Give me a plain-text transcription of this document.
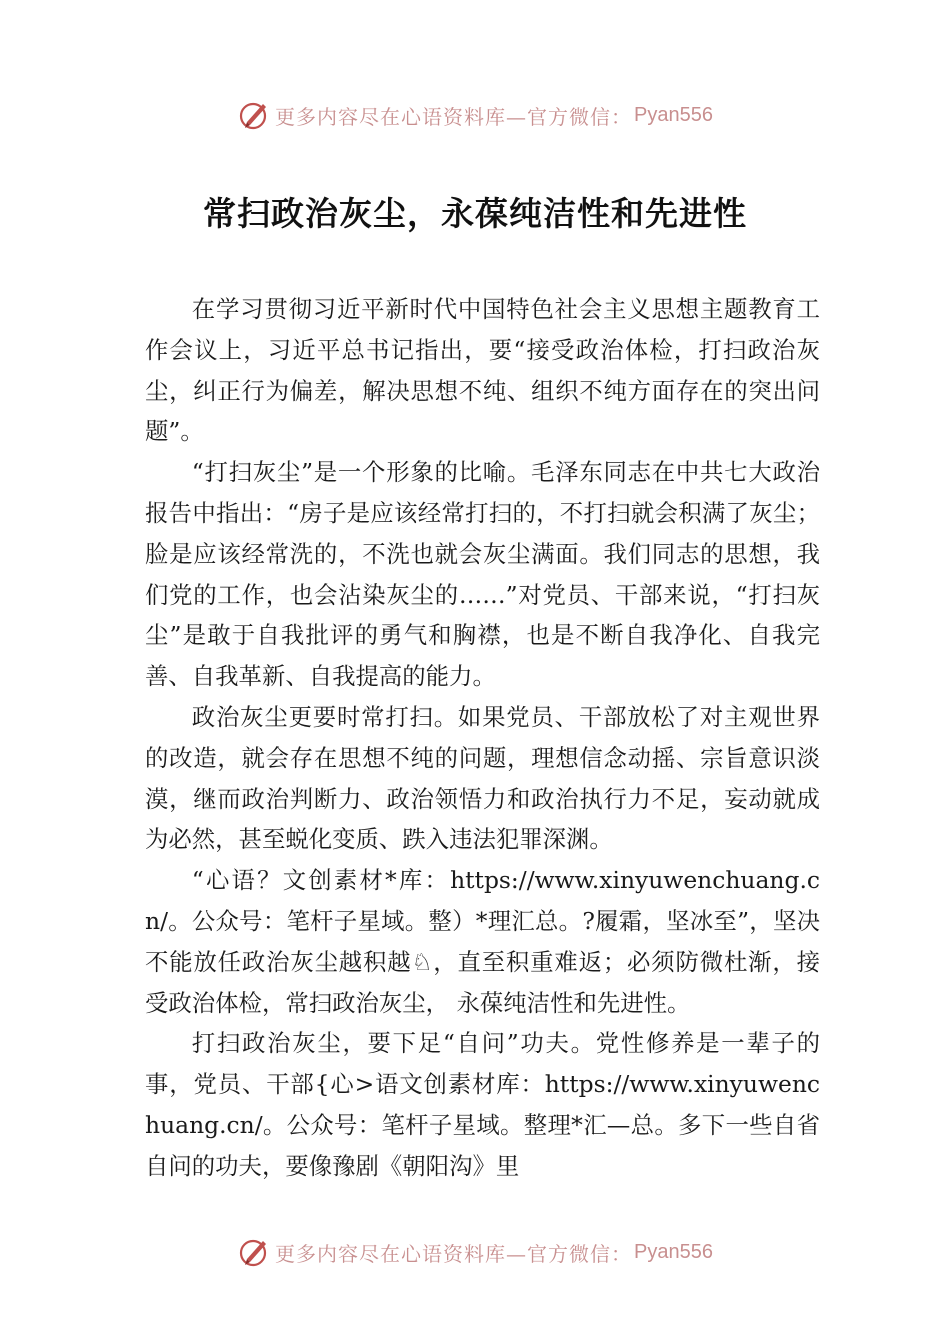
更多内容尽在心语资料库—官方微信： Pyan556
常扫政治灰尘，永葆纯洁性和先进性

在学习贯彻习近平新时代中国特色社会主义思想主题教育工作会议上，习近平总书记指出，要“接受政治体检，打扫政治灰尘，纠正行为偏差，解决思想不纯、组织不纯方面存在的突出问题”。

“打扫灰尘”是一个形象的比喻。毛泽东同志在中共七大政治报告中指出：“房子是应该经常打扫的，不打扫就会积满了灰尘；脸是应该经常洗的，不洗也就会灰尘满面。我们同志的思想，我们党的工作，也会沾染灰尘的……”对党员、干部来说，“打扫灰尘”是敢于自我批评的勇气和胸襟，也是不断自我净化、自我完善、自我革新、自我提高的能力。

政治灰尘更要时常打扫。如果党员、干部放松了对主观世界的改造，就会存在思想不纯的问题，理想信念动摇、宗旨意识淡漠，继而政治判断力、政治领悟力和政治执行力不足，妄动就成为必然，甚至蜕化变质、跌入违法犯罪深渊。

“心语？文创素材*库：https://www.xinyuwenchuang.cn/。公众号：笔杆子星域。整）*理汇总。?履霜，坚冰至”，坚决不能放任政治灰尘越积越♘，直至积重难返；必须防微杜渐，接受政治体检，常扫政治灰尘， 永葆纯洁性和先进性。

打扫政治灰尘，要下足“自问”功夫。党性修养是一辈子的事，党员、干部{心>语文创素材库：https://www.xinyuwenchuang.cn/。公众号：笔杆子星域。整理*汇—总。多下一些自省自问的功夫，要像豫剧《朝阳沟》里

更多内容尽在心语资料库—官方微信： Pyan556
